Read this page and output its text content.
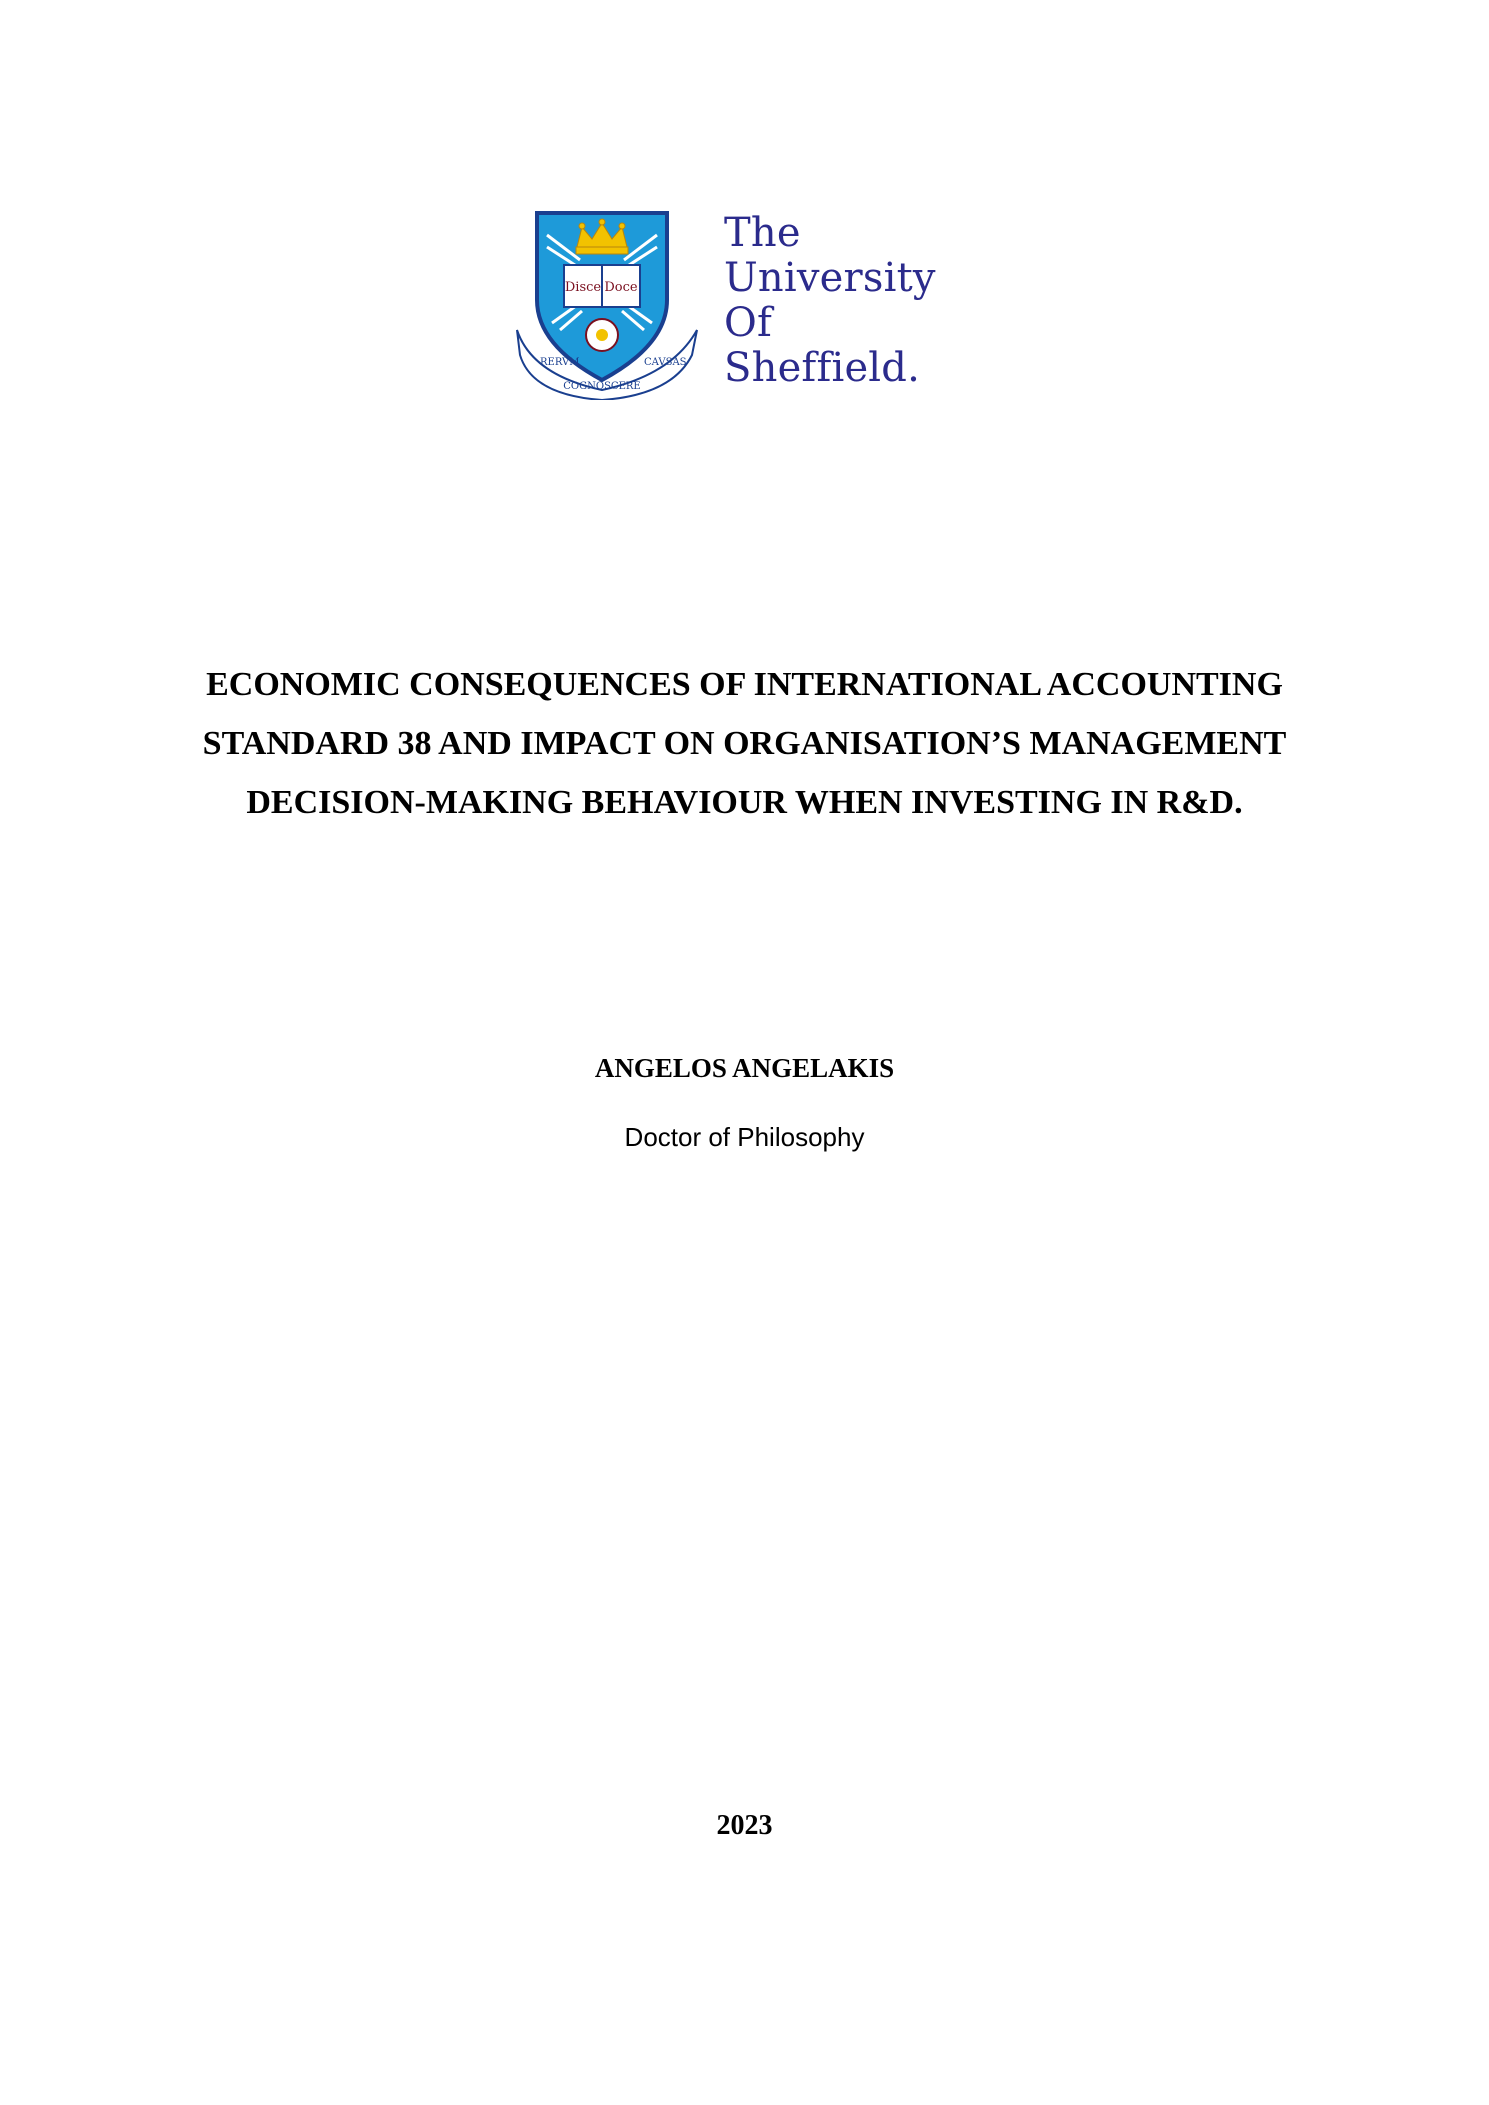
Disce Doce
RERVM
COGNOSCERE
CAVSAS
The
University
Of
Sheffield.
ECONOMIC CONSEQUENCES OF INTERNATIONAL ACCOUNTING
STANDARD 38 AND IMPACT ON ORGANISATION’S MANAGEMENT
DECISION-MAKING BEHAVIOUR WHEN INVESTING IN R&D.
ANGELOS ANGELAKIS
Doctor of Philosophy
2023
